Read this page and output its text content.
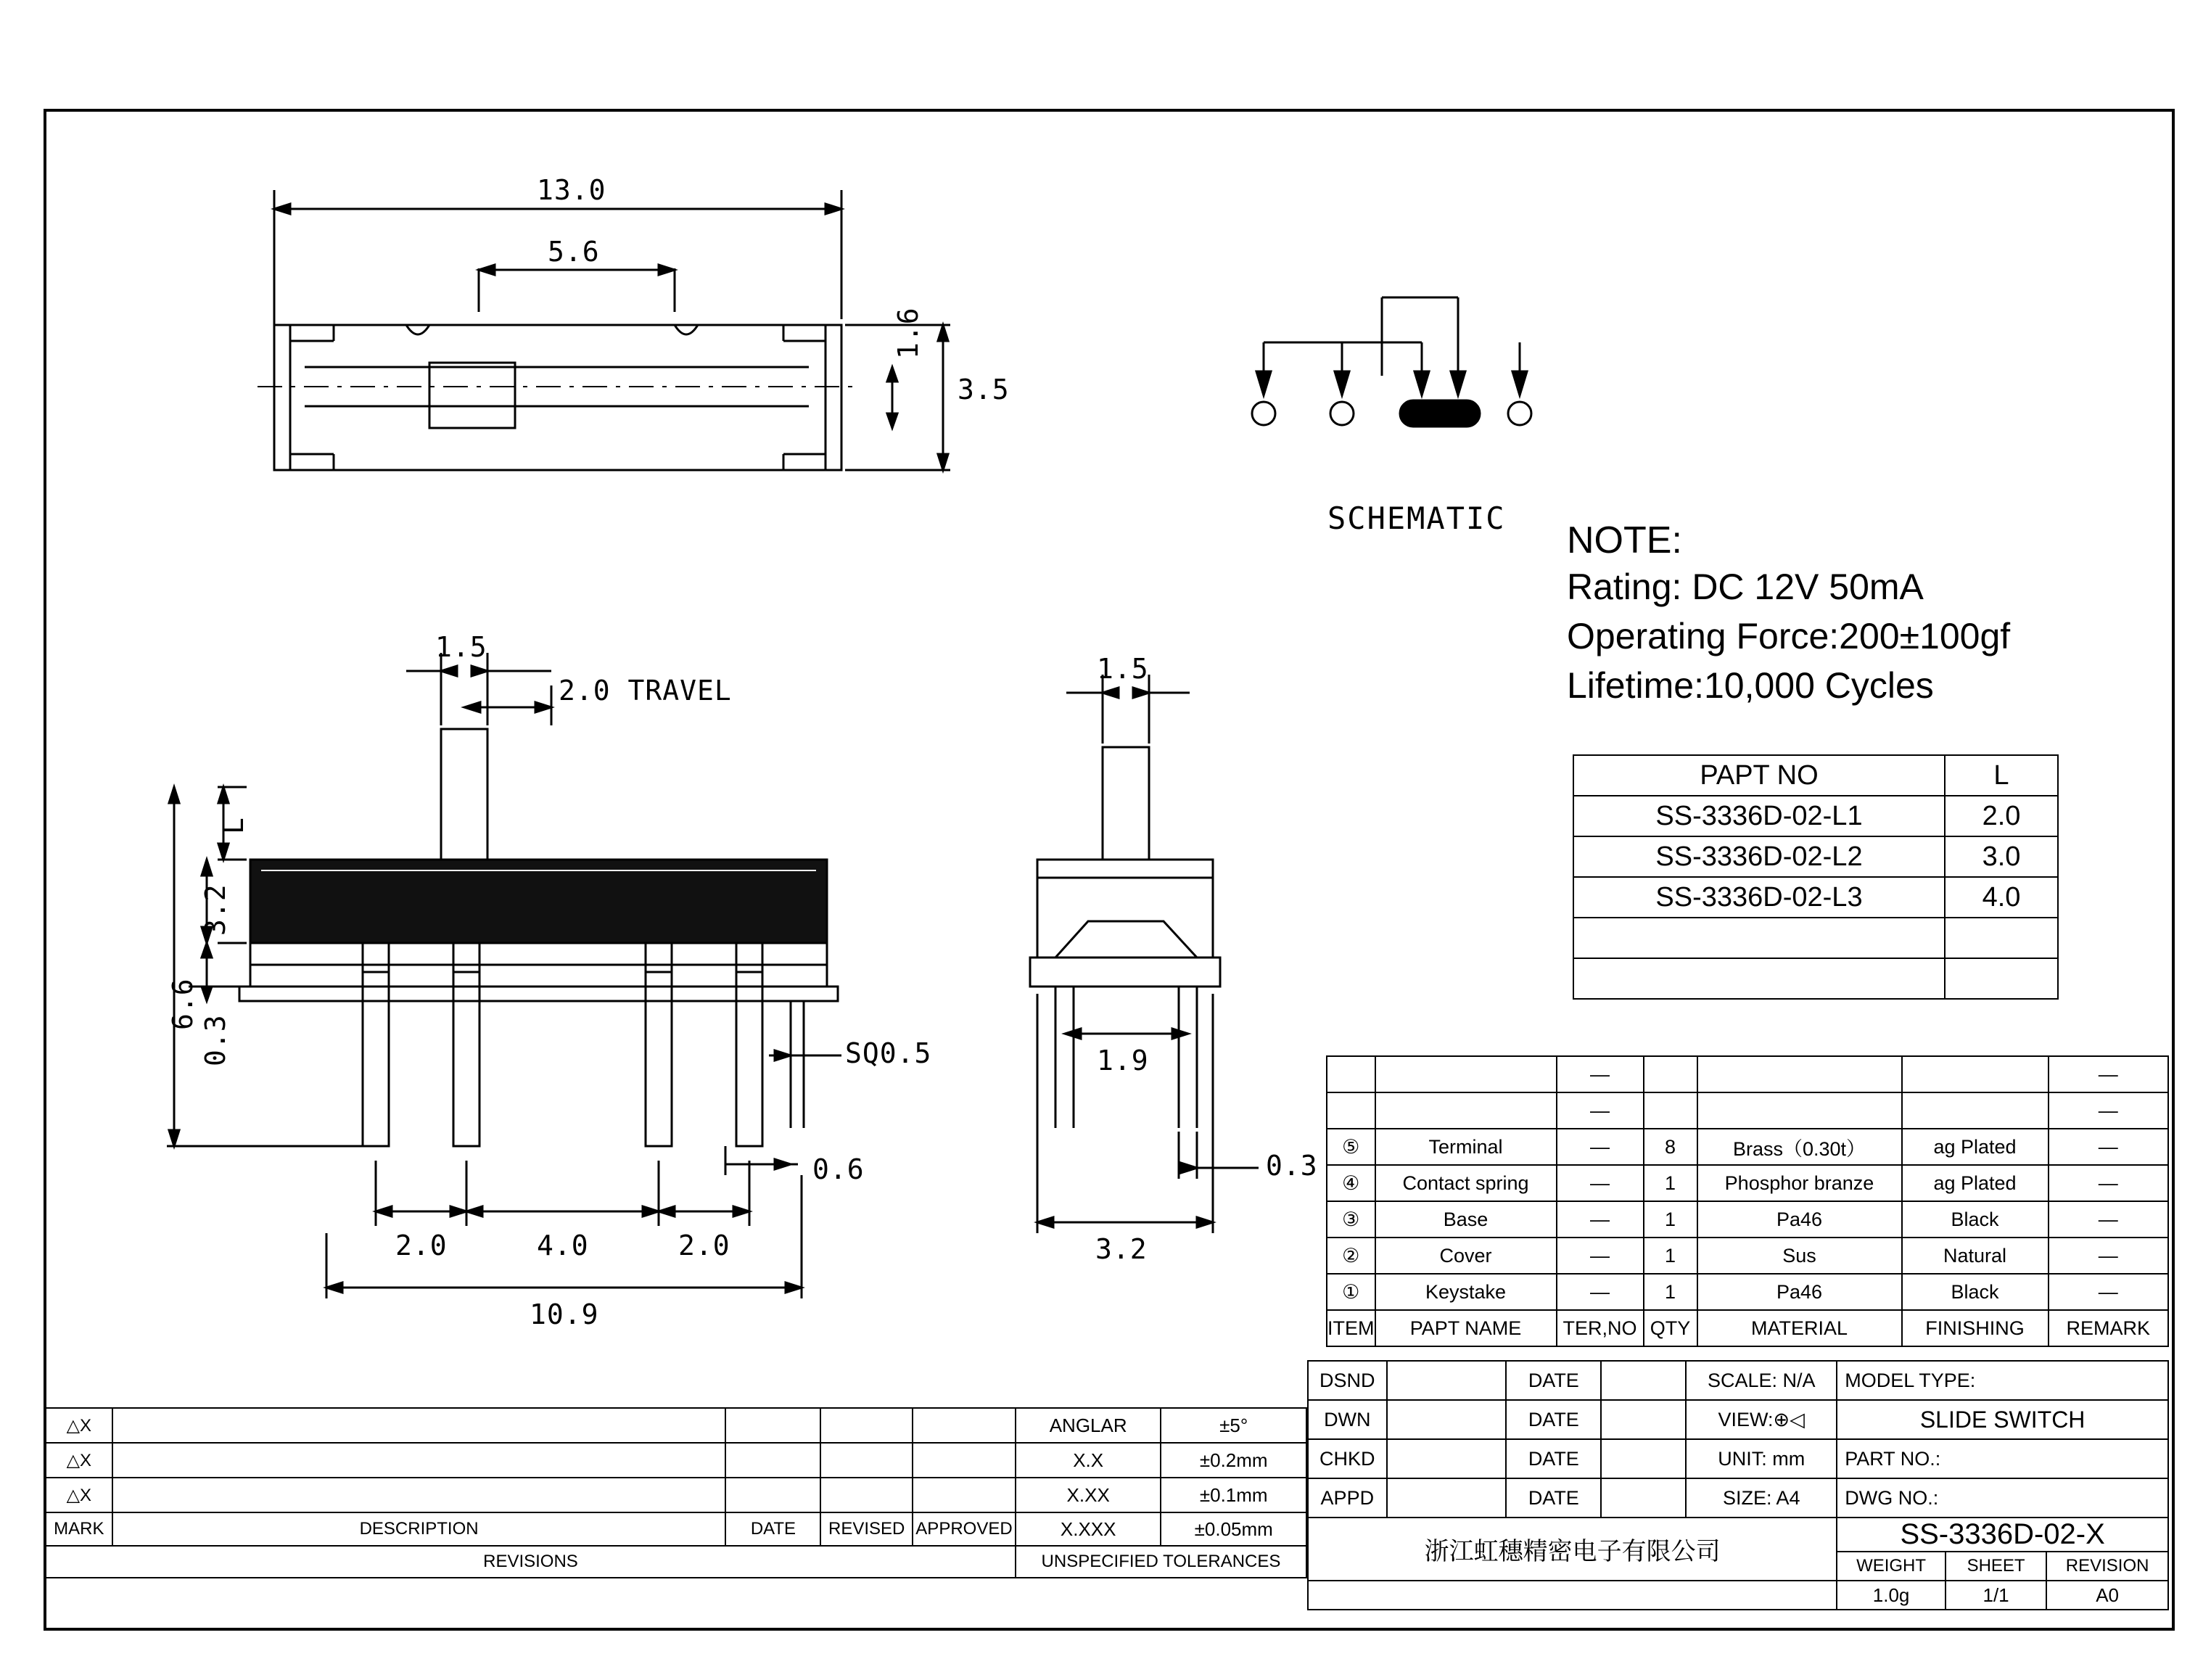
13.0
5.6
3.5
1.6
SCHEMATIC
NOTE:
Rating: DC 12V 50mA
Operating Force:200±100gf
Lifetime:10,000 Cycles
PAPT NO	L
SS-3336D-02-L1	2.0
SS-3336D-02-L2	3.0
SS-3336D-02-L3	4.0

1.5
2.0 TRAVEL
L
3.2
6.6
0.3	SQ0.5
0.6
2.0	4.0	2.0
10.9
1.5
1.9
0.3
3.2
		—				—
		—				—
⑤	Terminal	—	8	Brass（0.30t）	ag Plated	—
④	Contact spring	—	1	Phosphor branze	ag Plated	—
③	Base	—	1	Pa46	Black	—
②	Cover	—	1	Sus	Natural	—
①	Keystake	—	1	Pa46	Black	—
ITEM	PAPT NAME	TER,NO	QTY	MATERIAL	FINISHING	REMARK
△X					ANGLAR	±5°
△X					X.X	±0.2mm
△X					X.XX	±0.1mm
MARK	DESCRIPTION	DATE	REVISED	APPROVED	X.XXX	±0.05mm
REVISIONS					UNSPECIFIED TOLERANCES	
DSND		DATE		SCALE: N/A	MODEL TYPE:		
DWN		DATE		VIEW:⊕◁	SLIDE SWITCH		
CHKD		DATE		UNIT: mm	PART NO.:		
APPD		DATE		SIZE: A4	DWG NO.:		
浙江虹穗精密电子有限公司					SS-3336D-02-X		
					WEIGHT	SHEET	REVISION
					1.0g	1/1	A0
